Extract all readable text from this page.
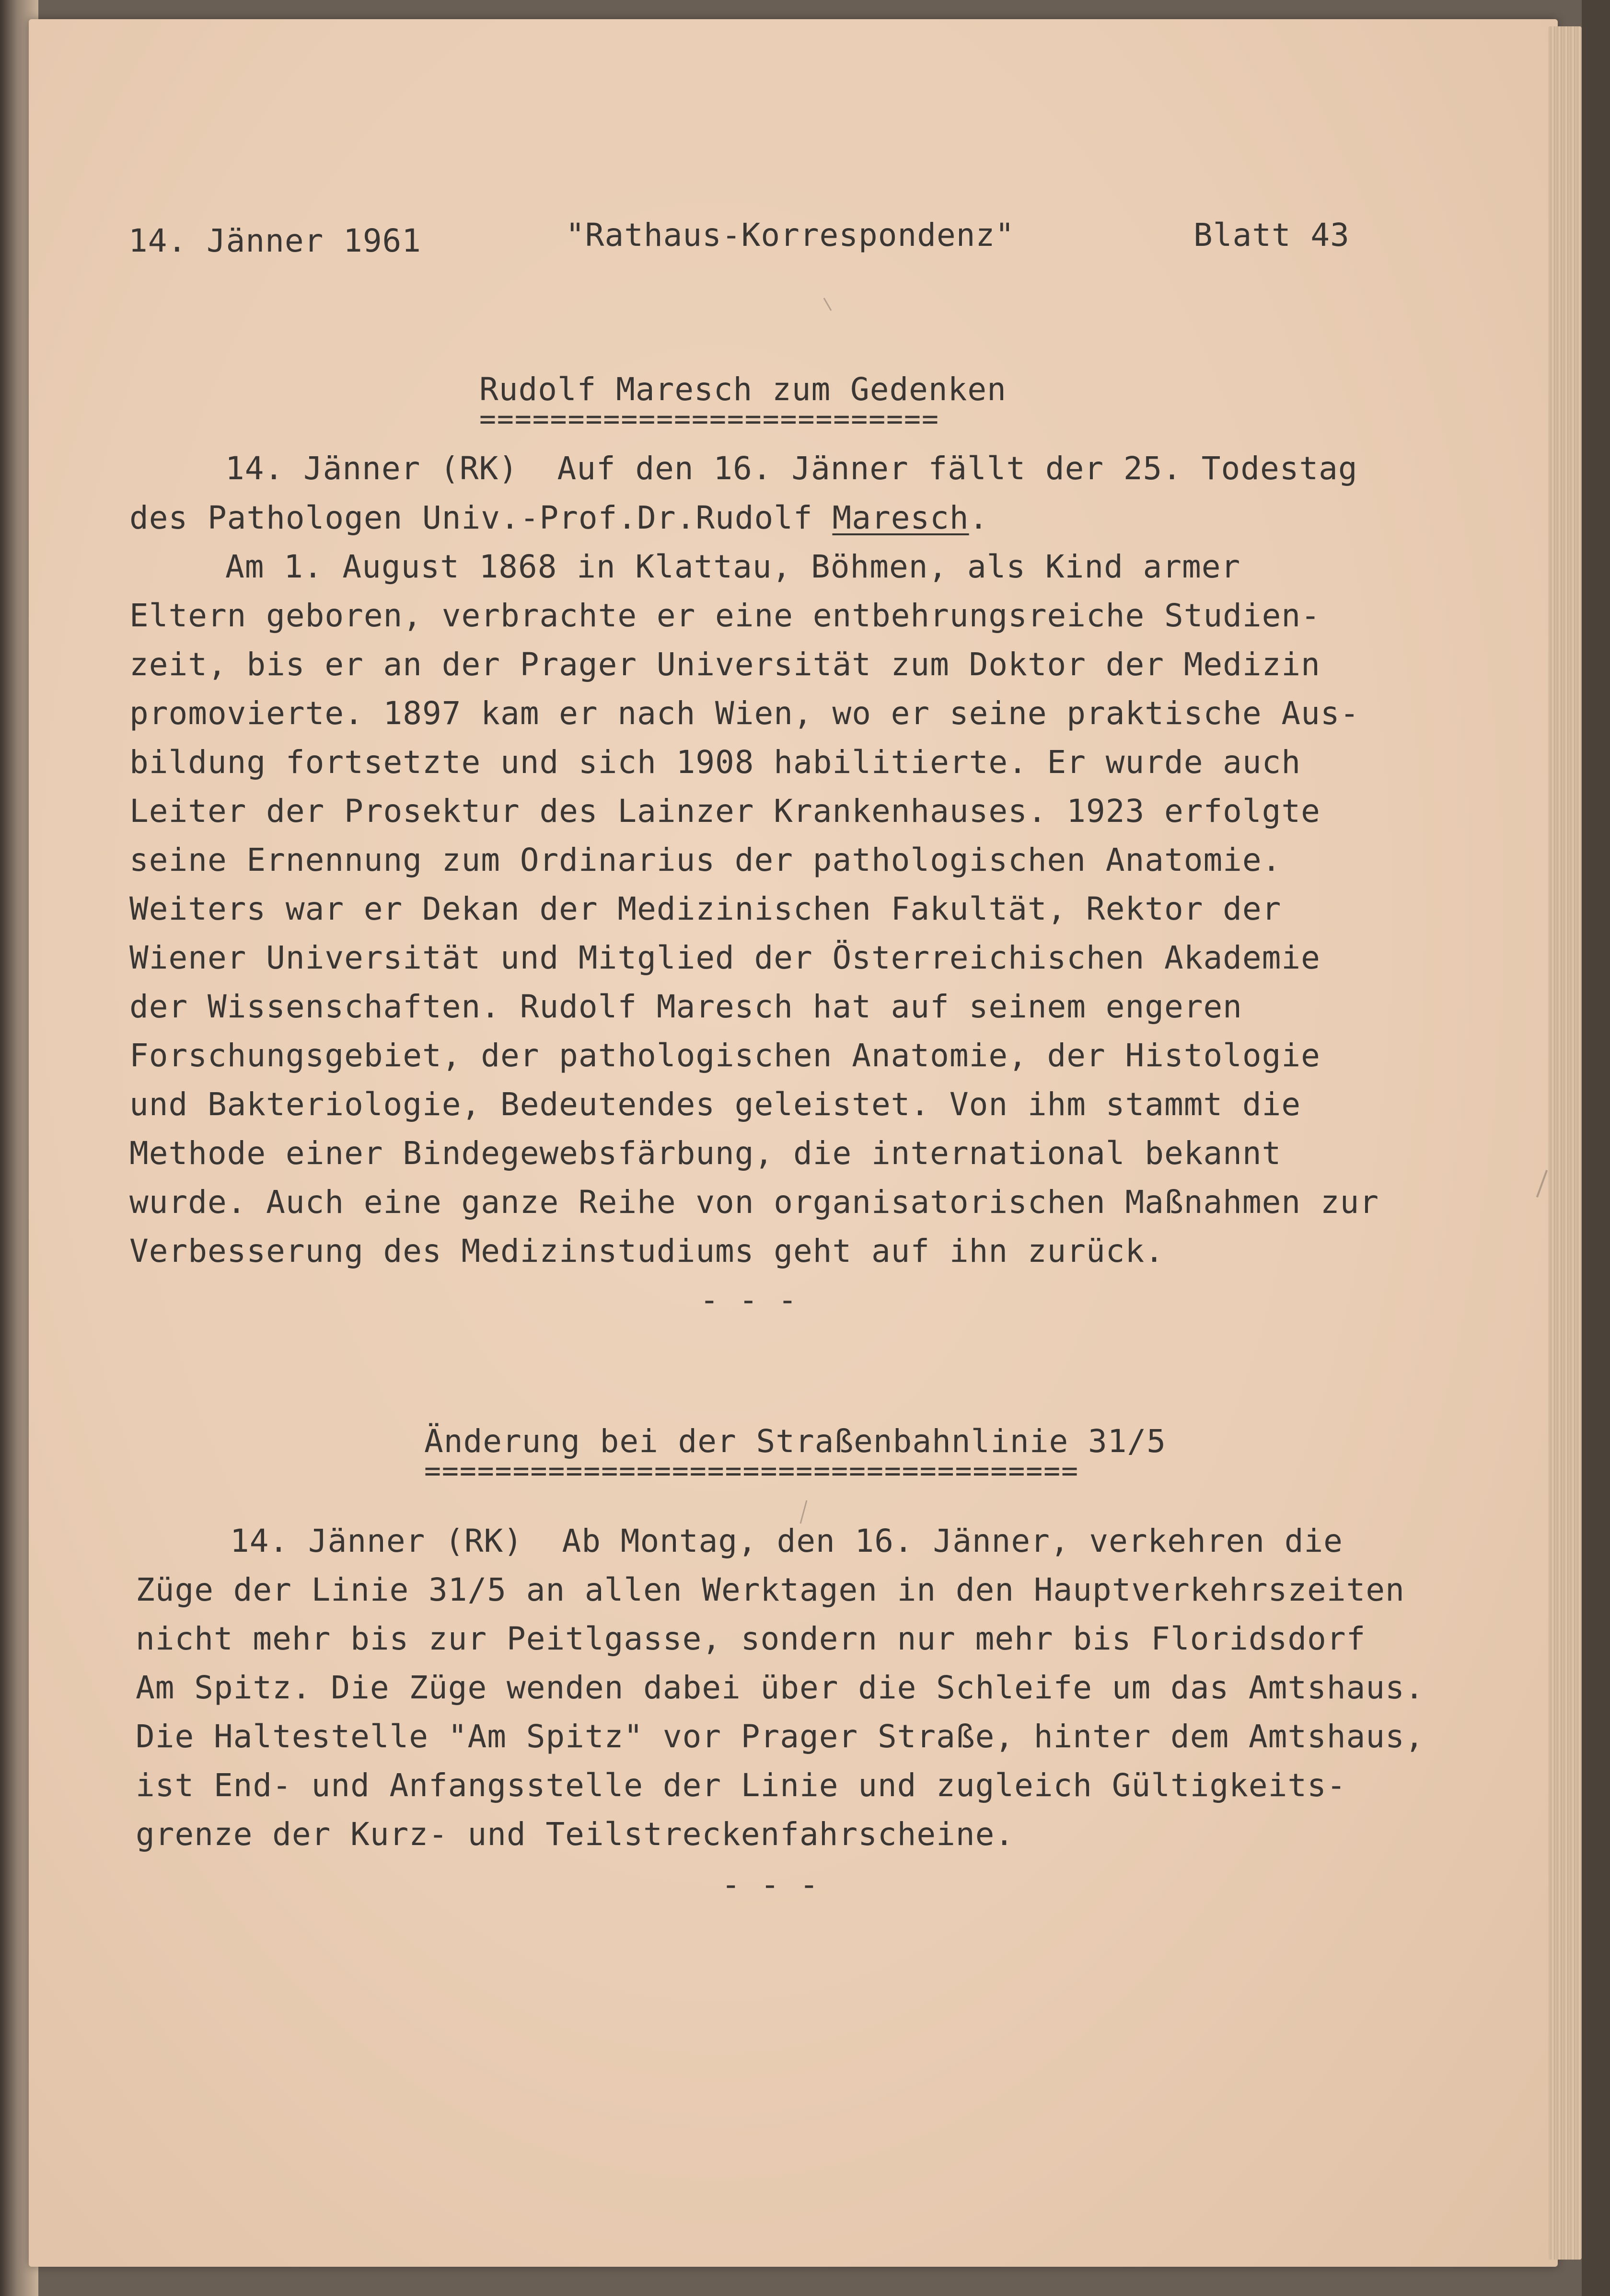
14. Jänner 1961	"Rathaus-Korrespondenz"	Blatt 43
Rudolf Maresch zum Gedenken
==========================
14. Jänner (RK)  Auf den 16. Jänner fällt der 25. Todestag
des Pathologen Univ.-Prof.Dr.Rudolf Maresch.
Am 1. August 1868 in Klattau, Böhmen, als Kind armer
Eltern geboren, verbrachte er eine entbehrungsreiche Studien-
zeit, bis er an der Prager Universität zum Doktor der Medizin
promovierte. 1897 kam er nach Wien, wo er seine praktische Aus-
bildung fortsetzte und sich 1908 habilitierte. Er wurde auch
Leiter der Prosektur des Lainzer Krankenhauses. 1923 erfolgte
seine Ernennung zum Ordinarius der pathologischen Anatomie.
Weiters war er Dekan der Medizinischen Fakultät, Rektor der
Wiener Universität und Mitglied der Österreichischen Akademie
der Wissenschaften. Rudolf Maresch hat auf seinem engeren
Forschungsgebiet, der pathologischen Anatomie, der Histologie
und Bakteriologie, Bedeutendes geleistet. Von ihm stammt die
Methode einer Bindegewebsfärbung, die international bekannt
wurde. Auch eine ganze Reihe von organisatorischen Maßnahmen zur
Verbesserung des Medizinstudiums geht auf ihn zurück.
- - -
Änderung bei der Straßenbahnlinie 31/5
=====================================
14. Jänner (RK)  Ab Montag, den 16. Jänner, verkehren die
Züge der Linie 31/5 an allen Werktagen in den Hauptverkehrszeiten
nicht mehr bis zur Peitlgasse, sondern nur mehr bis Floridsdorf
Am Spitz. Die Züge wenden dabei über die Schleife um das Amtshaus.
Die Haltestelle "Am Spitz" vor Prager Straße, hinter dem Amtshaus,
ist End- und Anfangsstelle der Linie und zugleich Gültigkeits-
grenze der Kurz- und Teilstreckenfahrscheine.
- - -
